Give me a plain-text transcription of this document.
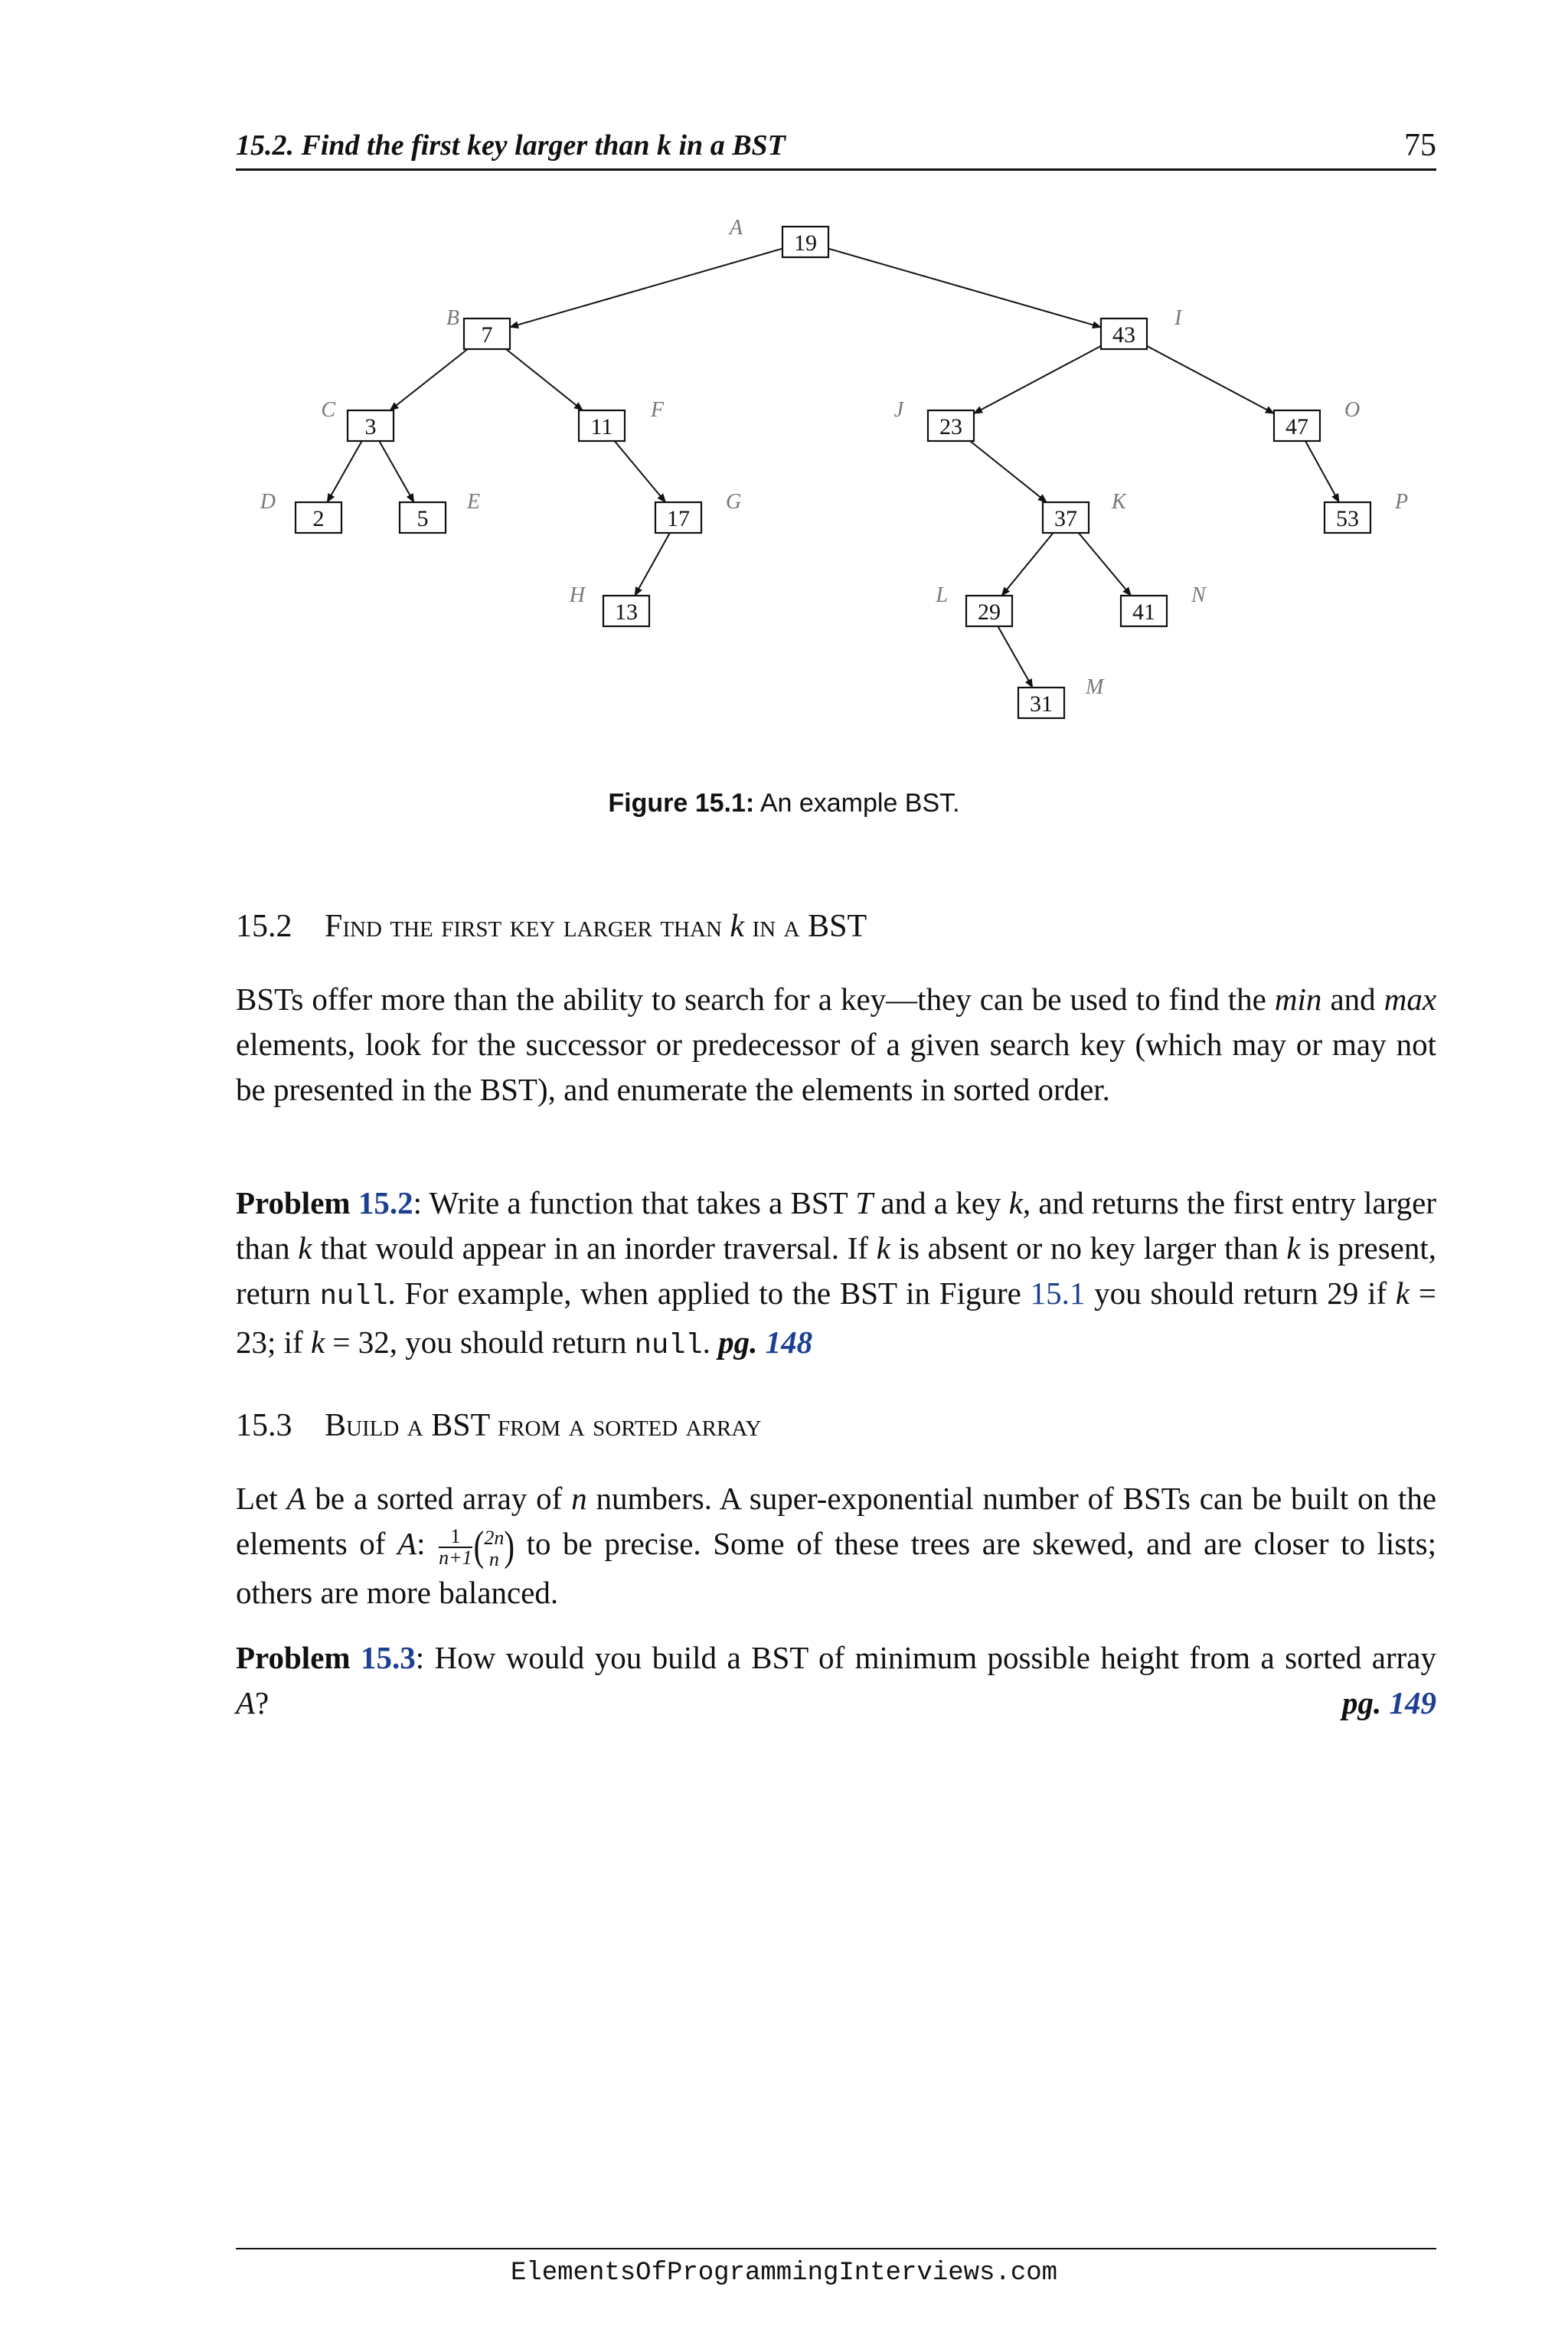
15.2. Find the first key larger than k in a BST	75
19
A
7
B
43
I
3
C
11
F
2
D
5
E
17
G
13
H
23
J
47
O
37
K
29
L
41
N
31
M
53
P
Figure 15.1: An example BST.
15.2 Find the first key larger than k in a BST
BSTs offer more than the ability to search for a key—they can be used to find the min and max elements, look for the successor or predecessor of a given search key (which may or may not be presented in the BST), and enumerate the elements in sorted order.
Problem 15.2: Write a function that takes a BST T and a key k, and returns the first entry larger than k that would appear in an inorder traversal. If k is absent or no key larger than k is present, return null. For example, when applied to the BST in Figure 15.1 you should return 29 if k = 23; if k = 32, you should return null. pg. 148
15.3 Build a BST from a sorted array
Let A be a sorted array of n numbers. A super-exponential number of BSTs can be built on the elements of A: $\frac{1}{n+1}$ ( 2n
n ) to be precise. Some of these trees are skewed, and are closer to lists; others are more balanced.
Problem 15.3: How would you build a BST of minimum possible height from a sorted array A?	pg. 149
ElementsOfProgrammingInterviews.com
